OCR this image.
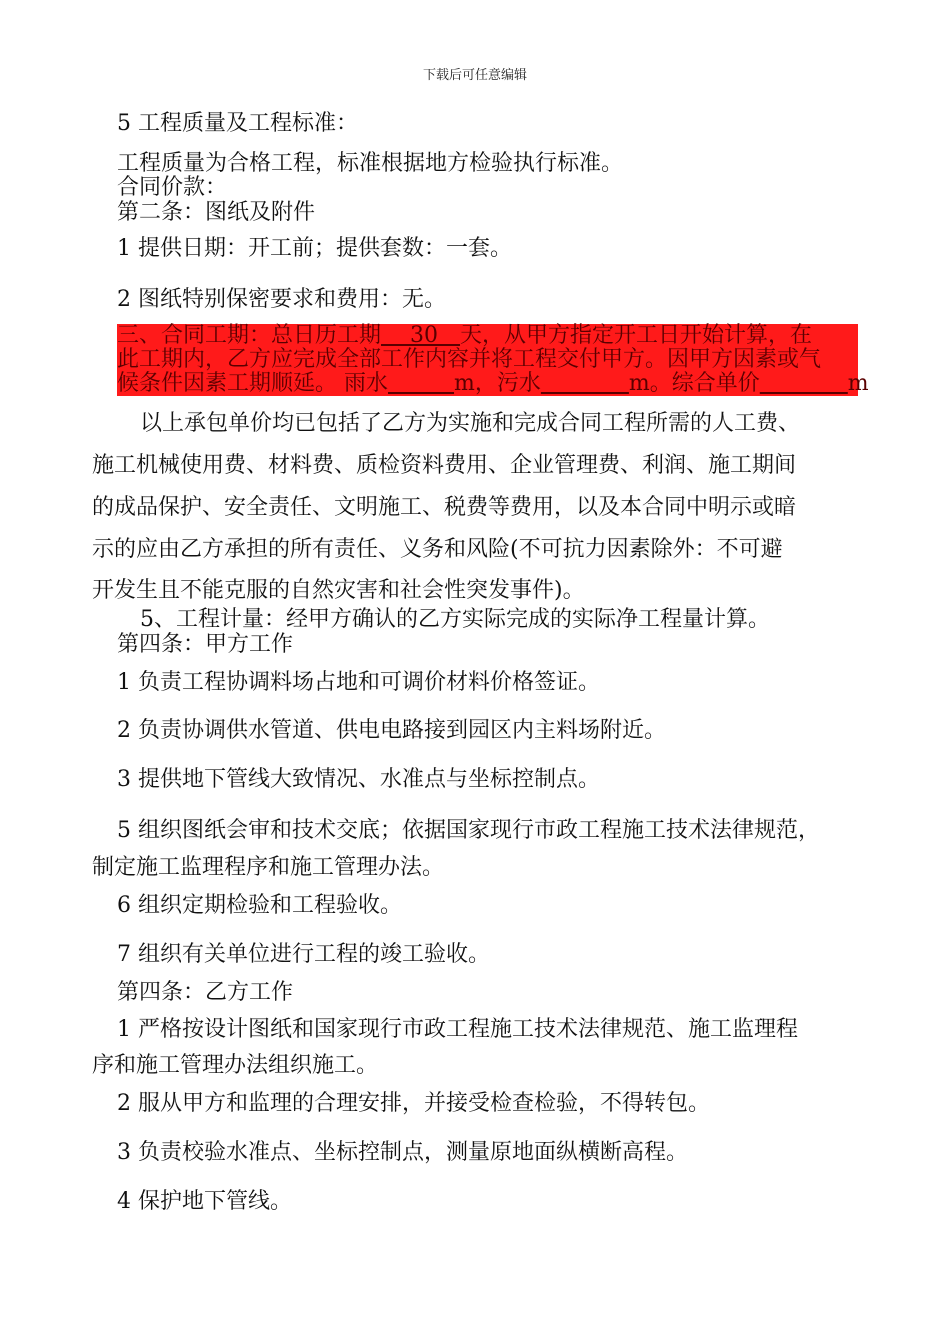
下载后可任意编辑
5 工程质量及工程标准：
工程质量为合格工程，标准根据地方检验执行标准。
合同价款：
第二条：图纸及附件
1 提供日期：开工前；提供套数：一套。
2 图纸特别保密要求和费用：无。
三、合同工期：总日历工期　 30　天，从甲方指定开工日开始计算，在
此工期内，乙方应完成全部工作内容并将工程交付甲方。因甲方因素或气
候条件因素工期顺延。 雨水　　　	m，污水　　　　	m。综合单价　　　　	m
以上承包单价均已包括了乙方为实施和完成合同工程所需的人工费、
施工机械使用费、材料费、质检资料费用、企业管理费、利润、施工期间
的成品保护、安全责任、文明施工、税费等费用，以及本合同中明示或暗
示的应由乙方承担的所有责任、义务和风险(不可抗力因素除外：不可避
开发生且不能克服的自然灾害和社会性突发事件)。
5、工程计量：经甲方确认的乙方实际完成的实际净工程量计算。
第四条：甲方工作
1 负责工程协调料场占地和可调价材料价格签证。
2 负责协调供水管道、供电电路接到园区内主料场附近。
3 提供地下管线大致情况、水准点与坐标控制点。
5 组织图纸会审和技术交底；依据国家现行市政工程施工技术法律规范，
制定施工监理程序和施工管理办法。
6 组织定期检验和工程验收。
7 组织有关单位进行工程的竣工验收。
第四条：乙方工作
1 严格按设计图纸和国家现行市政工程施工技术法律规范、施工监理程
序和施工管理办法组织施工。
2 服从甲方和监理的合理安排，并接受检查检验，不得转包。
3 负责校验水准点、坐标控制点，测量原地面纵横断高程。
4 保护地下管线。
